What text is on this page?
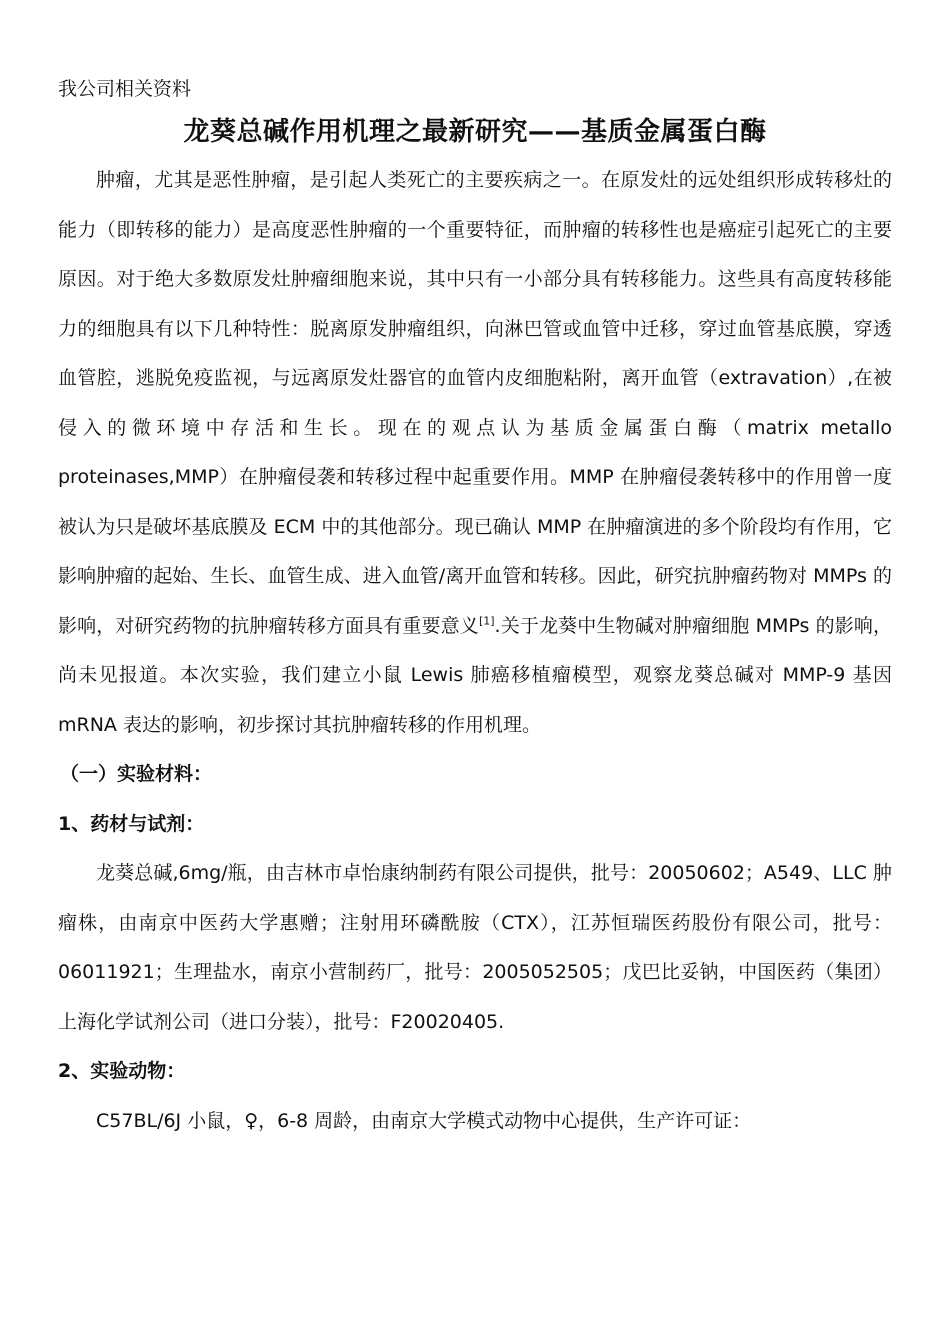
我公司相关资料

龙葵总碱作用机理之最新研究——基质金属蛋白酶

肿瘤，尤其是恶性肿瘤，是引起人类死亡的主要疾病之一。在原发灶的远处组织形成转移灶的能力（即转移的能力）是高度恶性肿瘤的一个重要特征，而肿瘤的转移性也是癌症引起死亡的主要原因。对于绝大多数原发灶肿瘤细胞来说，其中只有一小部分具有转移能力。这些具有高度转移能力的细胞具有以下几种特性：脱离原发肿瘤组织，向淋巴管或血管中迁移，穿过血管基底膜，穿透血管腔，逃脱免疫监视，与远离原发灶器官的血管内皮细胞粘附，离开血管（extravation）,在被侵入的微环境中存活和生长。现在的观点认为基质金属蛋白酶（matrix metallo proteinases,MMP）在肿瘤侵袭和转移过程中起重要作用。MMP 在肿瘤侵袭转移中的作用曾一度被认为只是破坏基底膜及 ECM 中的其他部分。现已确认 MMP 在肿瘤演进的多个阶段均有作用，它影响肿瘤的起始、生长、血管生成、进入血管/离开血管和转移。因此，研究抗肿瘤药物对 MMPs 的影响，对研究药物的抗肿瘤转移方面具有重要意义[1].关于龙葵中生物碱对肿瘤细胞 MMPs 的影响，尚未见报道。本次实验，我们建立小鼠 Lewis 肺癌移植瘤模型，观察龙葵总碱对 MMP-9 基因 mRNA 表达的影响，初步探讨其抗肿瘤转移的作用机理。

（一）实验材料：

1、药材与试剂：

龙葵总碱,6mg/瓶，由吉林市卓怡康纳制药有限公司提供，批号：20050602；A549、LLC 肿瘤株，由南京中医药大学惠赠；注射用环磷酰胺（CTX），江苏恒瑞医药股份有限公司，批号：06011921；生理盐水，南京小营制药厂，批号：2005052505；戊巴比妥钠，中国医药（集团）上海化学试剂公司（进口分装），批号：F20020405.

2、实验动物：

C57BL/6J 小鼠，♀，6-8 周龄，由南京大学模式动物中心提供，生产许可证：
